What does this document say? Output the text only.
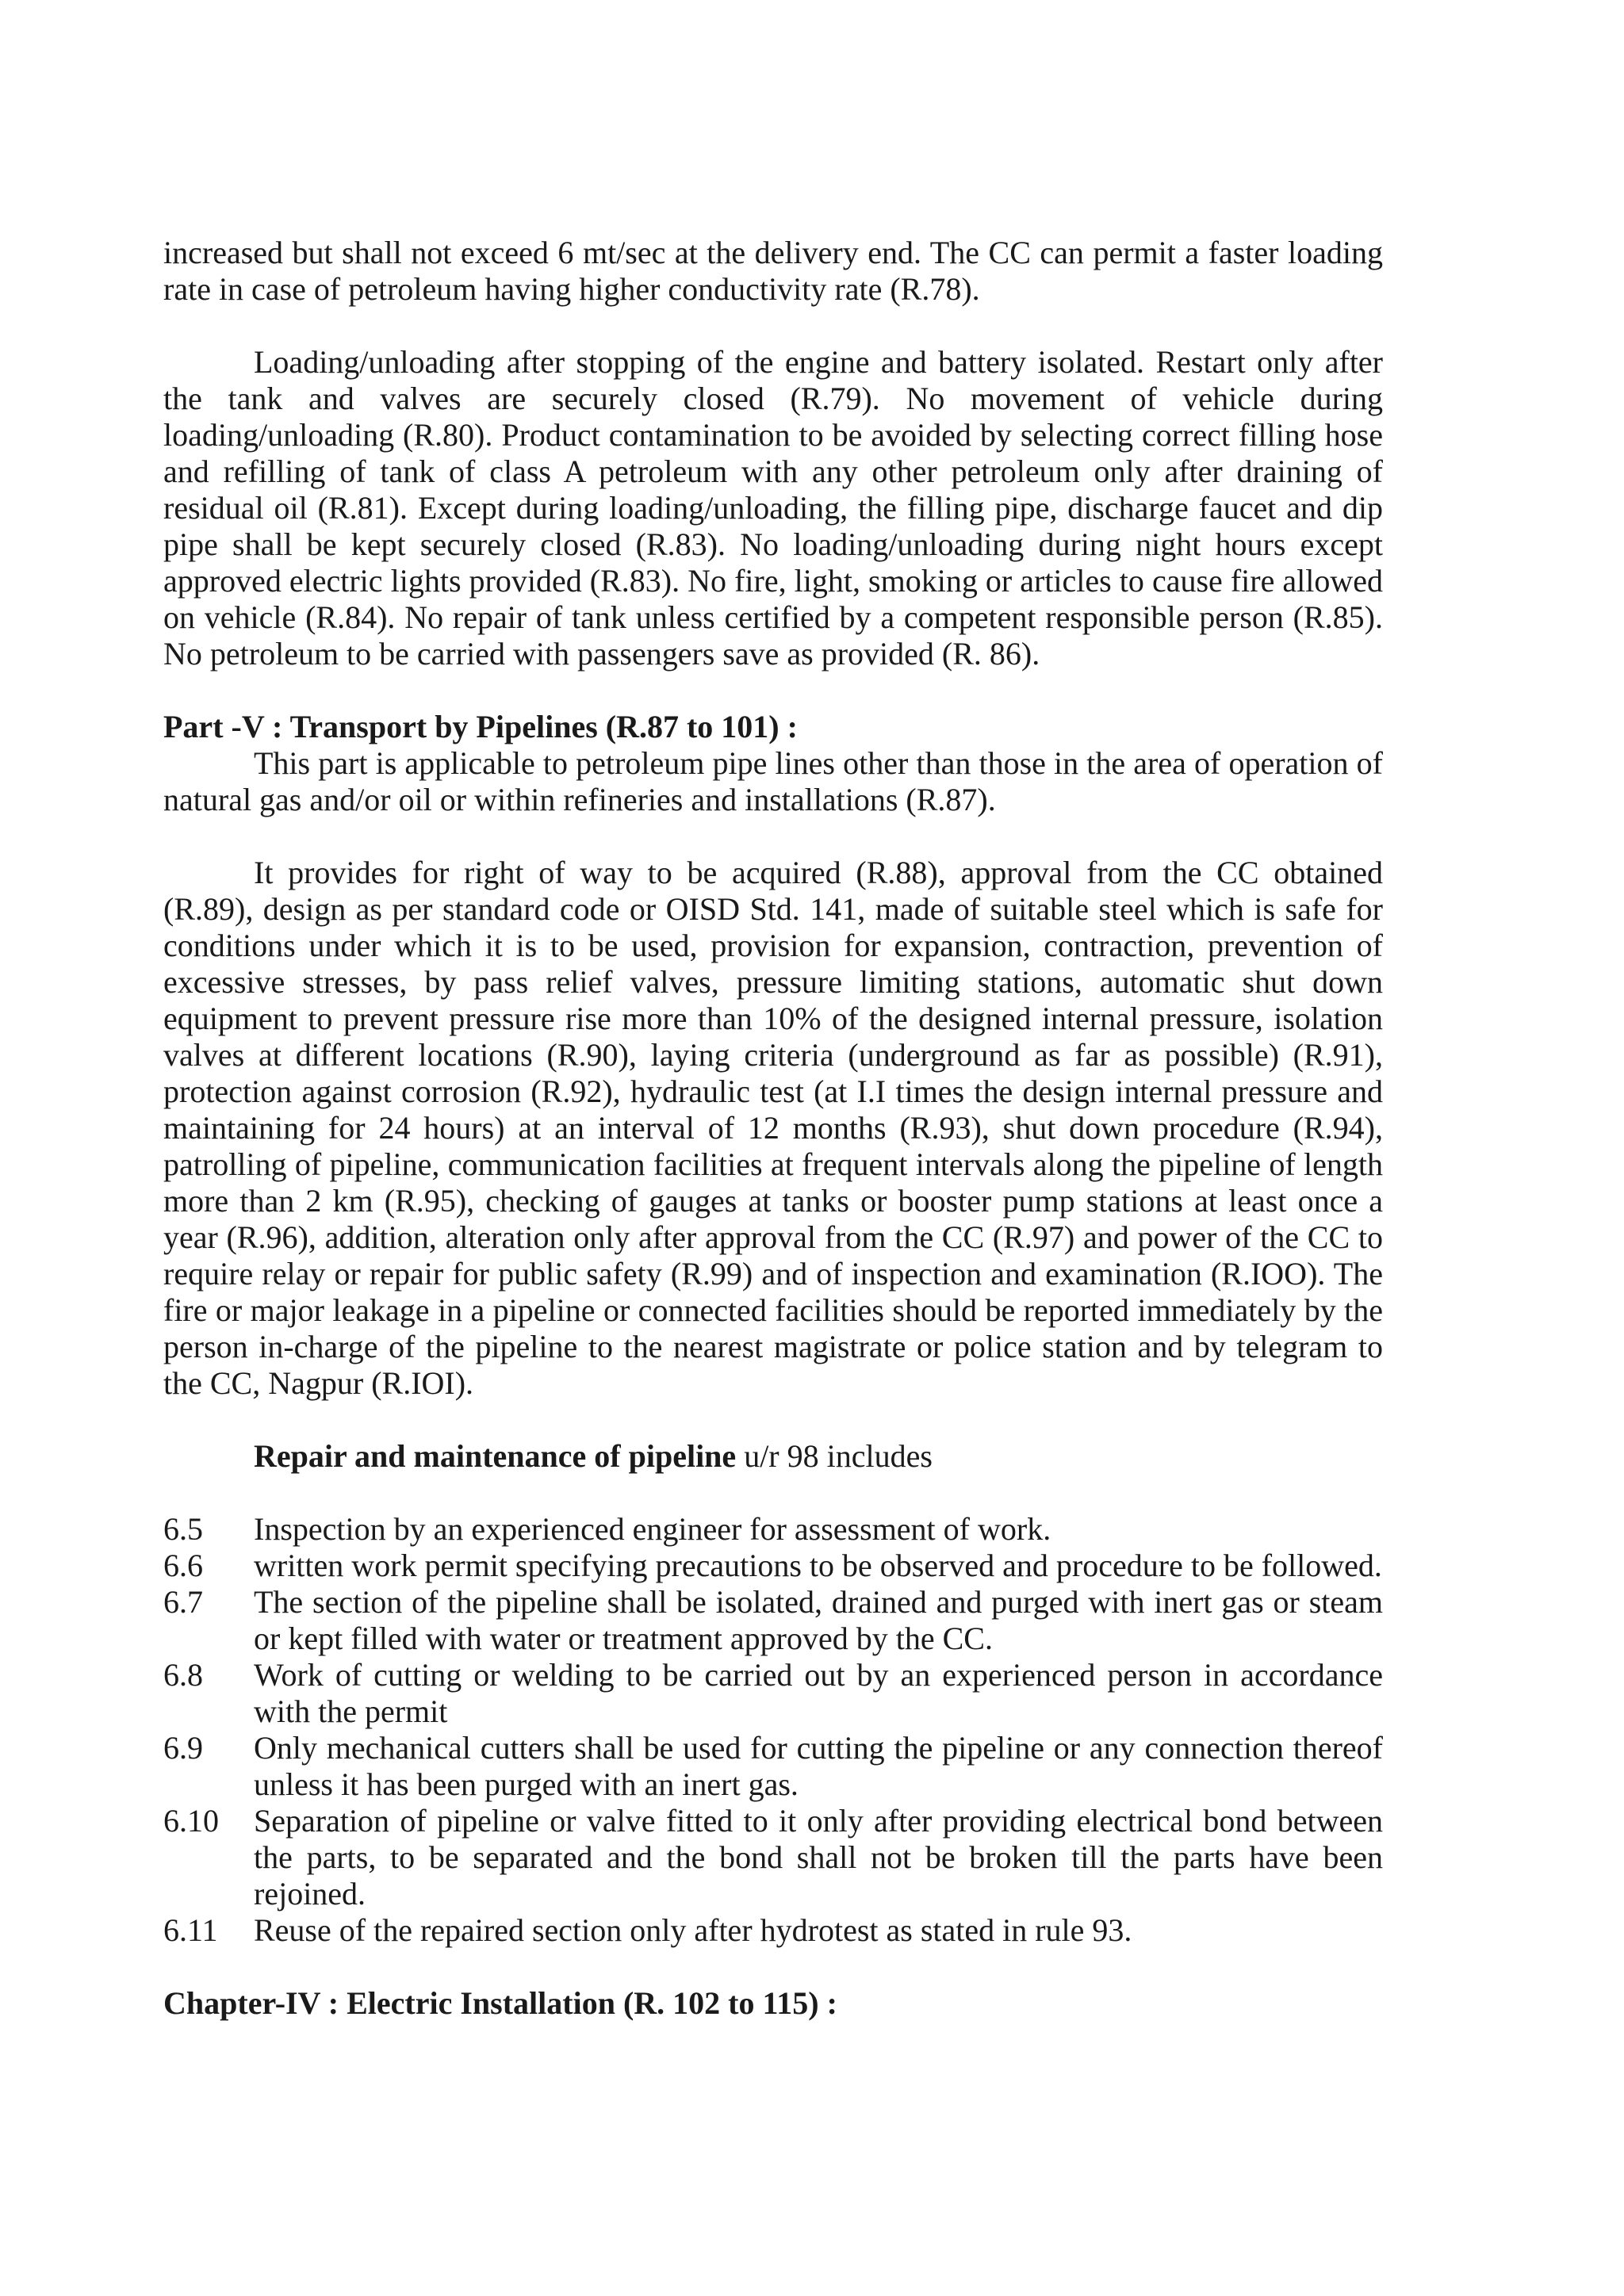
increased but shall not exceed 6 mt/sec at the delivery end. The CC can permit a faster loading rate in case of petroleum having higher conductivity rate (R.78).

Loading/unloading after stopping of the engine and battery isolated. Restart only after the tank and valves are securely closed (R.79). No movement of vehicle during loading/unloading (R.80). Product contamination to be avoided by selecting correct filling hose and refilling of tank of class A petroleum with any other petroleum only after draining of residual oil (R.81). Except during loading/unloading, the filling pipe, discharge faucet and dip pipe shall be kept securely closed (R.83). No loading/unloading during night hours except approved electric lights provided (R.83). No fire, light, smoking or articles to cause fire allowed on vehicle (R.84). No repair of tank unless certified by a competent responsible person (R.85). No petroleum to be carried with passengers save as provided (R. 86).

Part -V : Transport by Pipelines (R.87 to 101) :

This part is applicable to petroleum pipe lines other than those in the area of operation of natural gas and/or oil or within refineries and installations (R.87).

It provides for right of way to be acquired (R.88), approval from the CC obtained (R.89), design as per standard code or OISD Std. 141, made of suitable steel which is safe for conditions under which it is to be used, provision for expansion, contraction, prevention of excessive stresses, by pass relief valves, pressure limiting stations, automatic shut down equipment to prevent pressure rise more than 10% of the designed internal pressure, isolation valves at different locations (R.90), laying criteria (underground as far as possible) (R.91), protection against corrosion (R.92), hydraulic test (at I.I times the design internal pressure and maintaining for 24 hours) at an interval of 12 months (R.93), shut down procedure (R.94), patrolling of pipeline, communication facilities at frequent intervals along the pipeline of length more than 2 km (R.95), checking of gauges at tanks or booster pump stations at least once a year (R.96), addition, alteration only after approval from the CC (R.97) and power of the CC to require relay or repair for public safety (R.99) and of inspection and examination (R.IOO). The fire or major leakage in a pipeline or connected facilities should be reported immediately by the person in-charge of the pipeline to the nearest magistrate or police station and by telegram to the CC, Nagpur (R.IOI).

Repair and maintenance of pipeline u/r 98 includes
6.5	Inspection by an experienced engineer for assessment of work.
6.6	written work permit specifying precautions to be observed and procedure to be followed.
6.7	The section of the pipeline shall be isolated, drained and purged with inert gas or steam or kept filled with water or treatment approved by the CC.
6.8	Work of cutting or welding to be carried out by an experienced person in accordance with the permit
6.9	Only mechanical cutters shall be used for cutting the pipeline or any connection thereof unless it has been purged with an inert gas.
6.10	Separation of pipeline or valve fitted to it only after providing electrical bond between the parts, to be separated and the bond shall not be broken till the parts have been rejoined.
6.11	Reuse of the repaired section only after hydrotest as stated in rule 93.
Chapter-IV : Electric Installation (R. 102 to 115) :
